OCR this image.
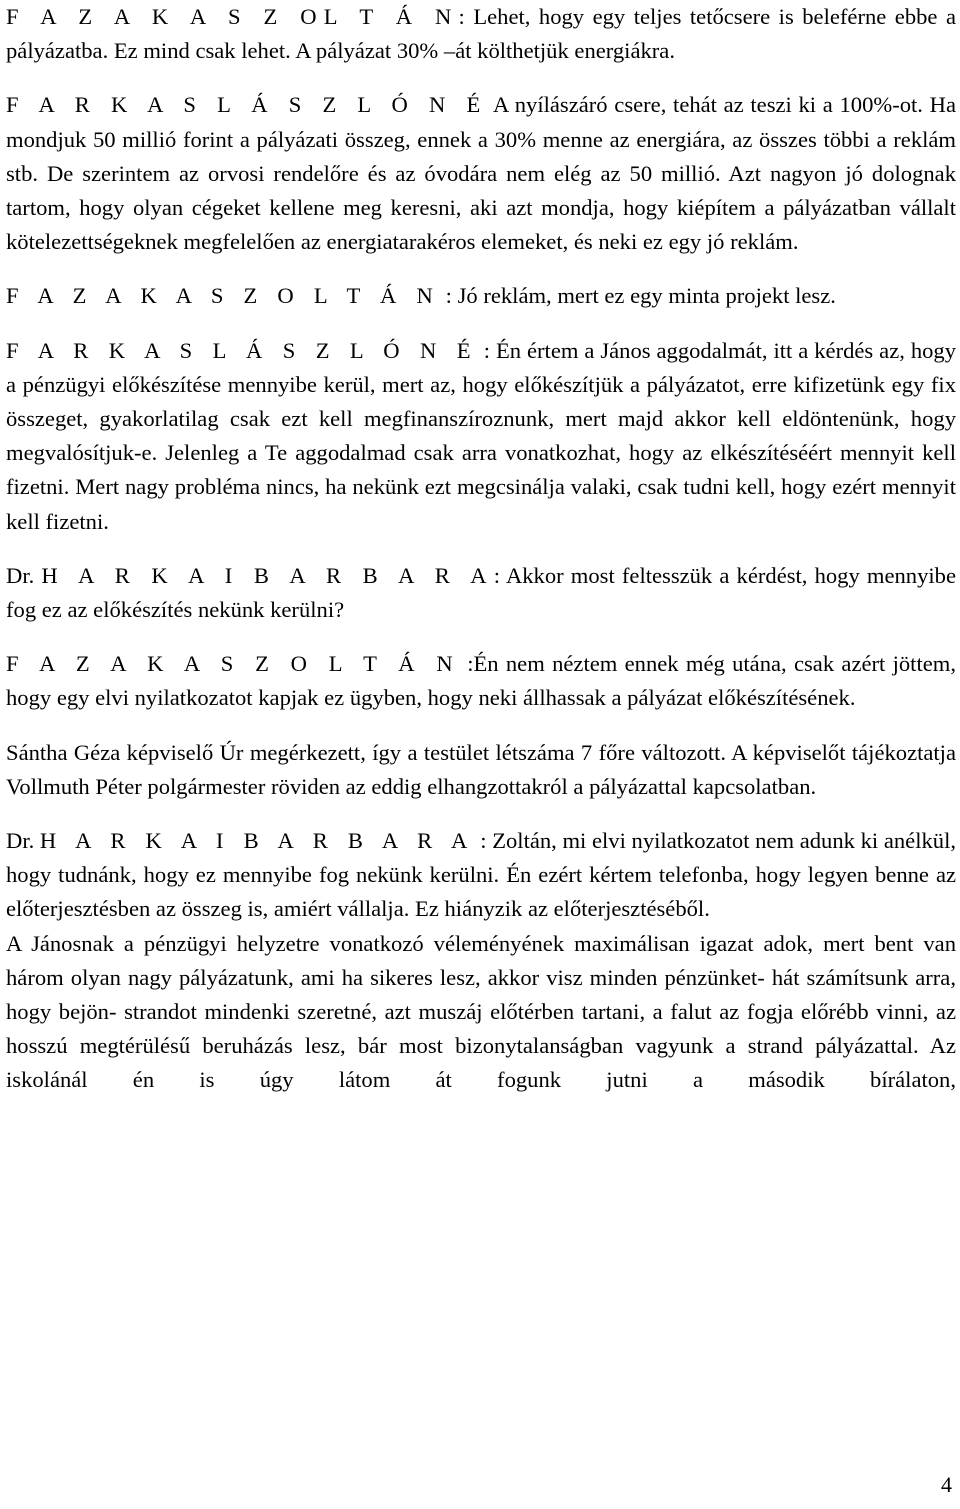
F A Z A K A S Z OL T Á N: Lehet, hogy egy teljes tetőcsere is beleférne ebbe a pályázatba. Ez mind csak lehet. A pályázat 30% –át költhetjük energiákra.

F A R K A S L Á S Z L Ó N É A nyílászáró csere, tehát az teszi ki a 100%-ot. Ha mondjuk 50 millió forint a pályázati összeg, ennek a 30% menne az energiára, az összes többi a reklám stb. De szerintem az orvosi rendelőre és az óvodára nem elég az 50 millió. Azt nagyon jó dolognak tartom, hogy olyan cégeket kellene meg keresni, aki azt mondja, hogy kiépítem a pályázatban vállalt kötelezettségeknek megfelelően az energiatarakéros elemeket, és neki ez egy jó reklám.

F A Z A K A S Z O L T Á N : Jó reklám, mert ez egy minta projekt lesz.

F A R K A S L Á S Z L Ó N É : Én értem a János aggodalmát, itt a kérdés az, hogy a pénzügyi előkészítése mennyibe kerül, mert az, hogy előkészítjük a pályázatot, erre kifizetünk egy fix összeget, gyakorlatilag csak ezt kell megfinanszíroznunk, mert majd akkor kell eldöntenünk, hogy megvalósítjuk-e. Jelenleg a Te aggodalmad csak arra vonatkozhat, hogy az elkészítéséért mennyit kell fizetni. Mert nagy probléma nincs, ha nekünk ezt megcsinálja valaki, csak tudni kell, hogy ezért mennyit kell fizetni.

Dr. H A R K A I B A R B A R A: Akkor most feltesszük a kérdést, hogy mennyibe fog ez az előkészítés nekünk kerülni?

F A Z A K A S Z O L T Á N :Én nem néztem ennek még utána, csak azért jöttem, hogy egy elvi nyilatkozatot kapjak ez ügyben, hogy neki állhassak a pályázat előkészítésének.

Sántha Géza képviselő Úr megérkezett, így a testület létszáma 7 főre változott. A képviselőt tájékoztatja Vollmuth Péter polgármester röviden az eddig elhangzottakról a pályázattal kapcsolatban.

Dr. H A R K A I B A R B A R A : Zoltán, mi elvi nyilatkozatot nem adunk ki anélkül, hogy tudnánk, hogy ez mennyibe fog nekünk kerülni. Én ezért kértem telefonba, hogy legyen benne az előterjesztésben az összeg is, amiért vállalja. Ez hiányzik az előterjesztéséből.

A Jánosnak a pénzügyi helyzetre vonatkozó véleményének maximálisan igazat adok, mert bent van három olyan nagy pályázatunk, ami ha sikeres lesz, akkor visz minden pénzünket- hát számítsunk arra, hogy bejön- strandot mindenki szeretné, azt muszáj előtérben tartani, a falut az fogja előrébb vinni, az hosszú megtérülésű beruházás lesz, bár most bizonytalanságban vagyunk a strand pályázattal. Az iskolánál én is úgy látom át fogunk jutni a második bírálaton,

4
